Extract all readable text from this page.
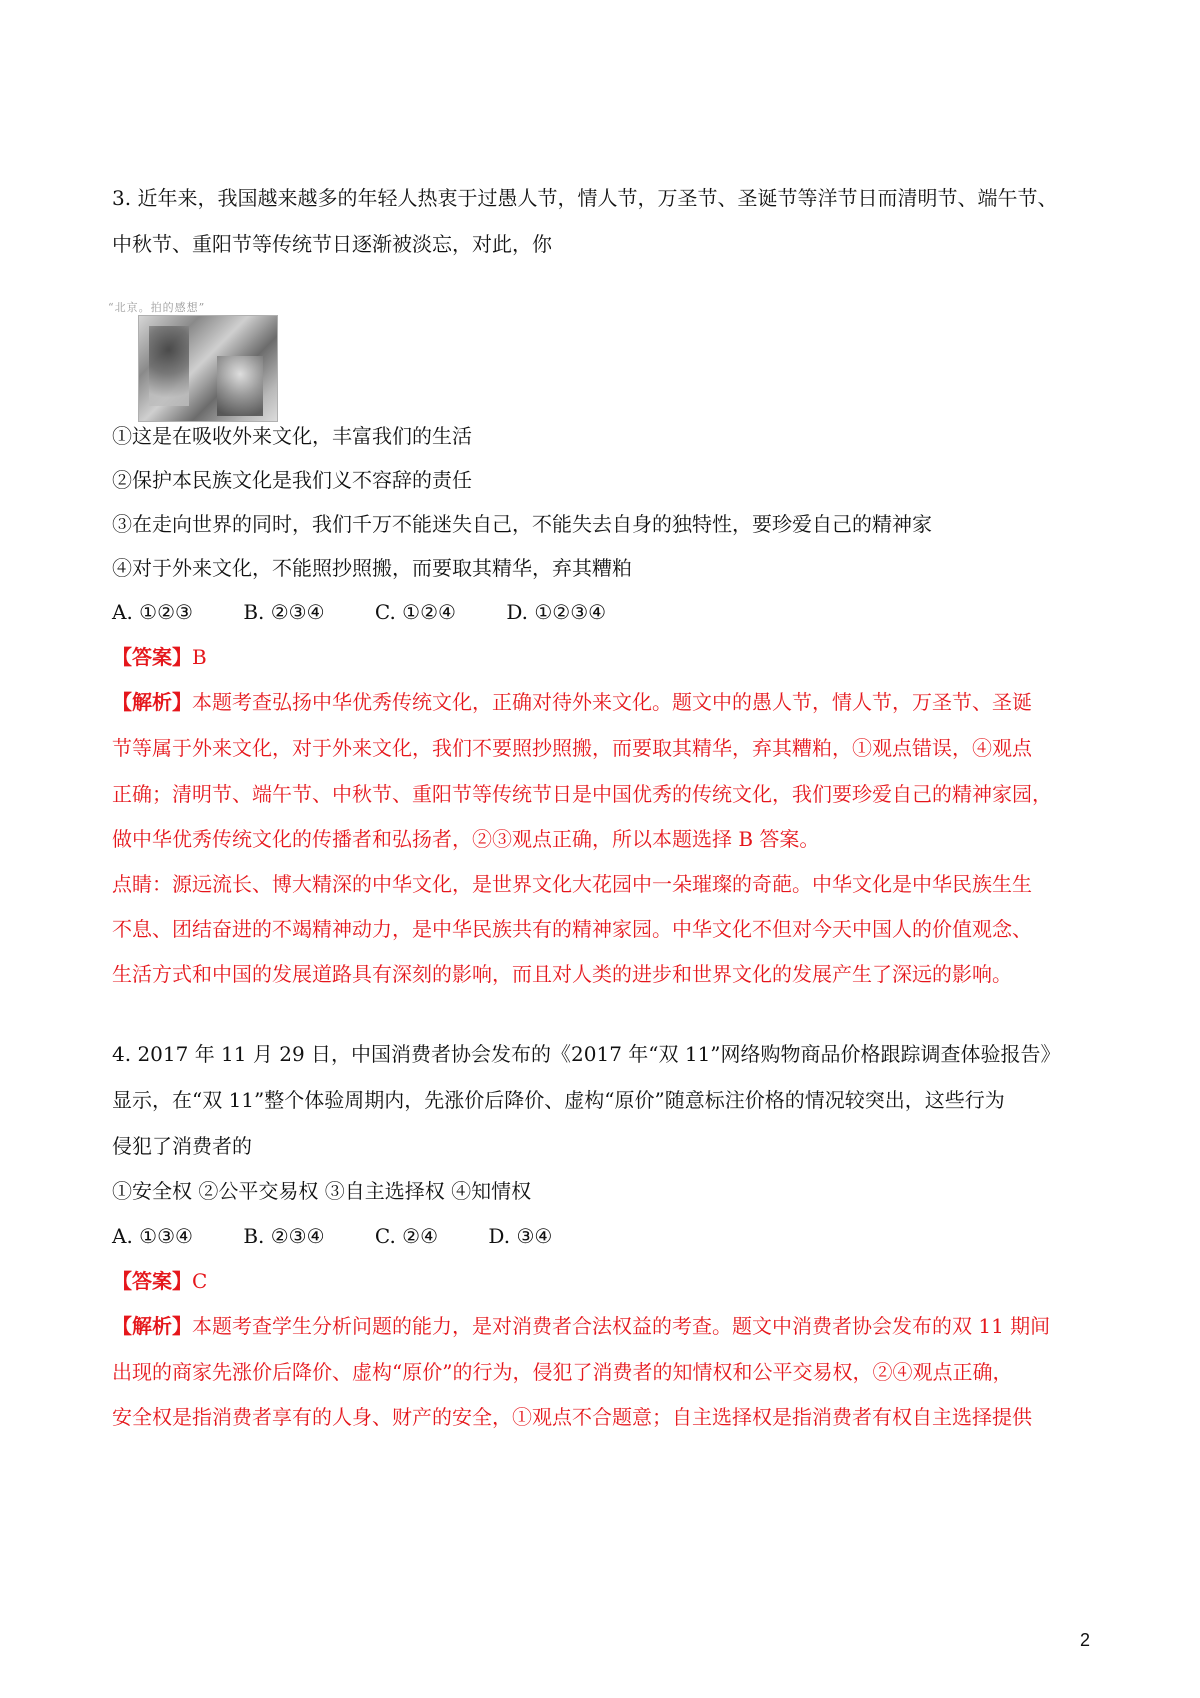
3. 近年来，我国越来越多的年轻人热衷于过愚人节，情人节，万圣节、圣诞节等洋节日而清明节、端午节、
中秋节、重阳节等传统节日逐渐被淡忘，对此，你
“北京。拍的感想”
①这是在吸收外来文化，丰富我们的生活
②保护本民族文化是我们义不容辞的责任
③在走向世界的同时，我们千万不能迷失自己，不能失去自身的独特性，要珍爱自己的精神家
④对于外来文化，不能照抄照搬，而要取其精华，弃其糟粕
A. ①②③	B. ②③④	C. ①②④	D. ①②③④
【答案】B
【解析】本题考查弘扬中华优秀传统文化，正确对待外来文化。题文中的愚人节，情人节，万圣节、圣诞
节等属于外来文化，对于外来文化，我们不要照抄照搬，而要取其精华，弃其糟粕，①观点错误，④观点
正确；清明节、端午节、中秋节、重阳节等传统节日是中国优秀的传统文化，我们要珍爱自己的精神家园，
做中华优秀传统文化的传播者和弘扬者，②③观点正确，所以本题选择 B 答案。
点睛：源远流长、博大精深的中华文化，是世界文化大花园中一朵璀璨的奇葩。中华文化是中华民族生生
不息、团结奋进的不竭精神动力，是中华民族共有的精神家园。中华文化不但对今天中国人的价值观念、
生活方式和中国的发展道路具有深刻的影响，而且对人类的进步和世界文化的发展产生了深远的影响。
4. 2017 年 11 月 29 日，中国消费者协会发布的《2017 年“双 11”网络购物商品价格跟踪调查体验报告》
显示，在“双 11”整个体验周期内，先涨价后降价、虚构“原价”随意标注价格的情况较突出，这些行为
侵犯了消费者的
①安全权 ②公平交易权 ③自主选择权 ④知情权
A. ①③④	B. ②③④	C. ②④	D. ③④
【答案】C
【解析】本题考查学生分析问题的能力，是对消费者合法权益的考查。题文中消费者协会发布的双 11 期间
出现的商家先涨价后降价、虚构“原价”的行为，侵犯了消费者的知情权和公平交易权，②④观点正确，
安全权是指消费者享有的人身、财产的安全，①观点不合题意；自主选择权是指消费者有权自主选择提供
2
